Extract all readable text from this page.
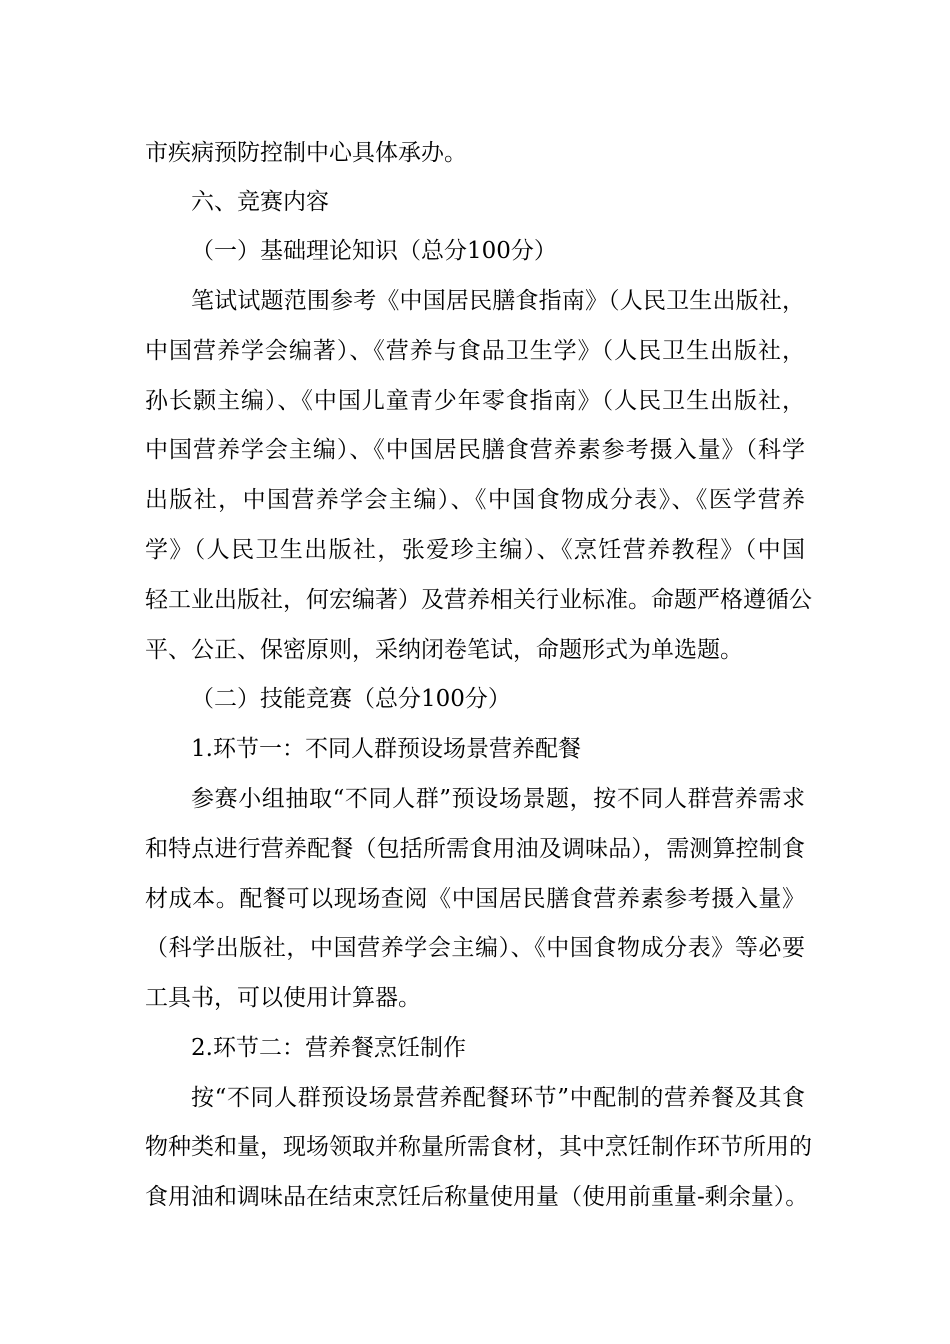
市疾病预防控制中心具体承办。
六、竞赛内容
（一）基础理论知识（总分100分）
笔试试题范围参考《中国居民膳食指南》（人民卫生出版社，
中国营养学会编著）、《营养与食品卫生学》（人民卫生出版社，
孙长颢主编）、《中国儿童青少年零食指南》（人民卫生出版社，
中国营养学会主编）、《中国居民膳食营养素参考摄入量》（科学
出版社，中国营养学会主编）、《中国食物成分表》、《医学营养
学》（人民卫生出版社，张爱珍主编）、《烹饪营养教程》（中国
轻工业出版社，何宏编著）及营养相关行业标准。命题严格遵循公
平、公正、保密原则，采纳闭卷笔试，命题形式为单选题。
（二）技能竞赛（总分100分）
1.环节一：不同人群预设场景营养配餐
参赛小组抽取“不同人群”预设场景题，按不同人群营养需求
和特点进行营养配餐（包括所需食用油及调味品），需测算控制食
材成本。配餐可以现场查阅《中国居民膳食营养素参考摄入量》
（科学出版社，中国营养学会主编）、《中国食物成分表》等必要
工具书，可以使用计算器。
2.环节二：营养餐烹饪制作
按“不同人群预设场景营养配餐环节”中配制的营养餐及其食
物种类和量，现场领取并称量所需食材，其中烹饪制作环节所用的
食用油和调味品在结束烹饪后称量使用量（使用前重量-剩余量）。
